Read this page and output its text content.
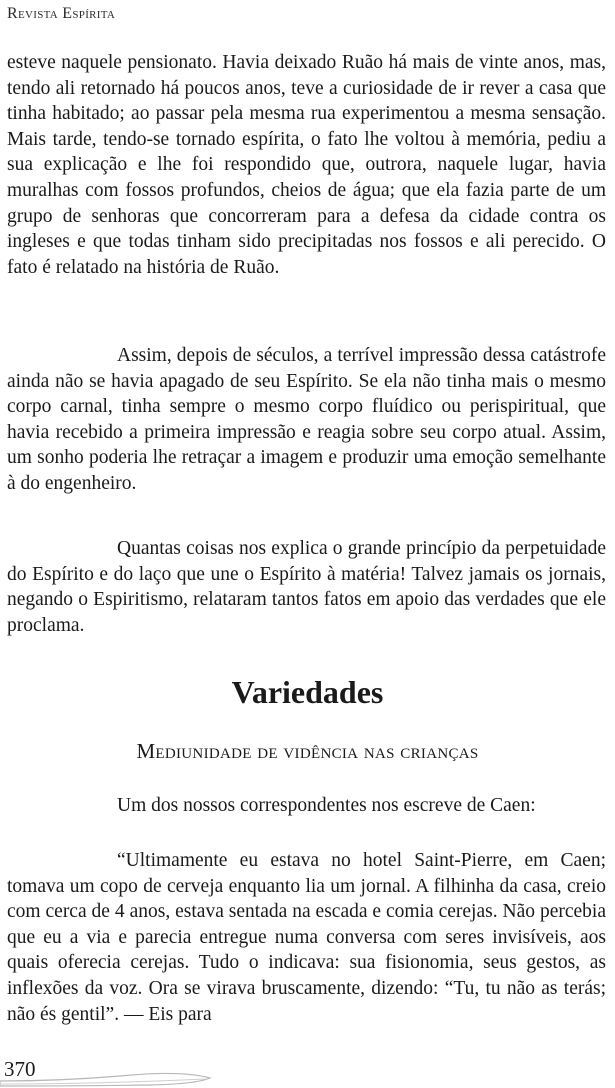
Revista Espírita

esteve naquele pensionato. Havia deixado Ruão há mais de vinte anos, mas, tendo ali retornado há poucos anos, teve a curiosidade de ir rever a casa que tinha habitado; ao passar pela mesma rua experimentou a mesma sensação. Mais tarde, tendo-se tornado espírita, o fato lhe voltou à memória, pediu a sua explicação e lhe foi respondido que, outrora, naquele lugar, havia muralhas com fossos profundos, cheios de água; que ela fazia parte de um grupo de senhoras que concorreram para a defesa da cidade contra os ingleses e que todas tinham sido precipitadas nos fossos e ali perecido. O fato é relatado na história de Ruão.

Assim, depois de séculos, a terrível impressão dessa catástrofe ainda não se havia apagado de seu Espírito. Se ela não tinha mais o mesmo corpo carnal, tinha sempre o mesmo corpo fluídico ou perispiritual, que havia recebido a primeira impressão e reagia sobre seu corpo atual. Assim, um sonho poderia lhe retraçar a imagem e produzir uma emoção semelhante à do engenheiro.

Quantas coisas nos explica o grande princípio da perpetuidade do Espírito e do laço que une o Espírito à matéria! Talvez jamais os jornais, negando o Espiritismo, relataram tantos fatos em apoio das verdades que ele proclama.

Variedades
Mediunidade de vidência nas crianças

Um dos nossos correspondentes nos escreve de Caen:

“Ultimamente eu estava no hotel Saint-Pierre, em Caen; tomava um copo de cerveja enquanto lia um jornal. A filhinha da casa, creio com cerca de 4 anos, estava sentada na escada e comia cerejas. Não percebia que eu a via e parecia entregue numa conversa com seres invisíveis, aos quais oferecia cerejas. Tudo o indicava: sua fisionomia, seus gestos, as inflexões da voz. Ora se virava bruscamente, dizendo: “Tu, tu não as terás; não és gentil”. — Eis para

370
